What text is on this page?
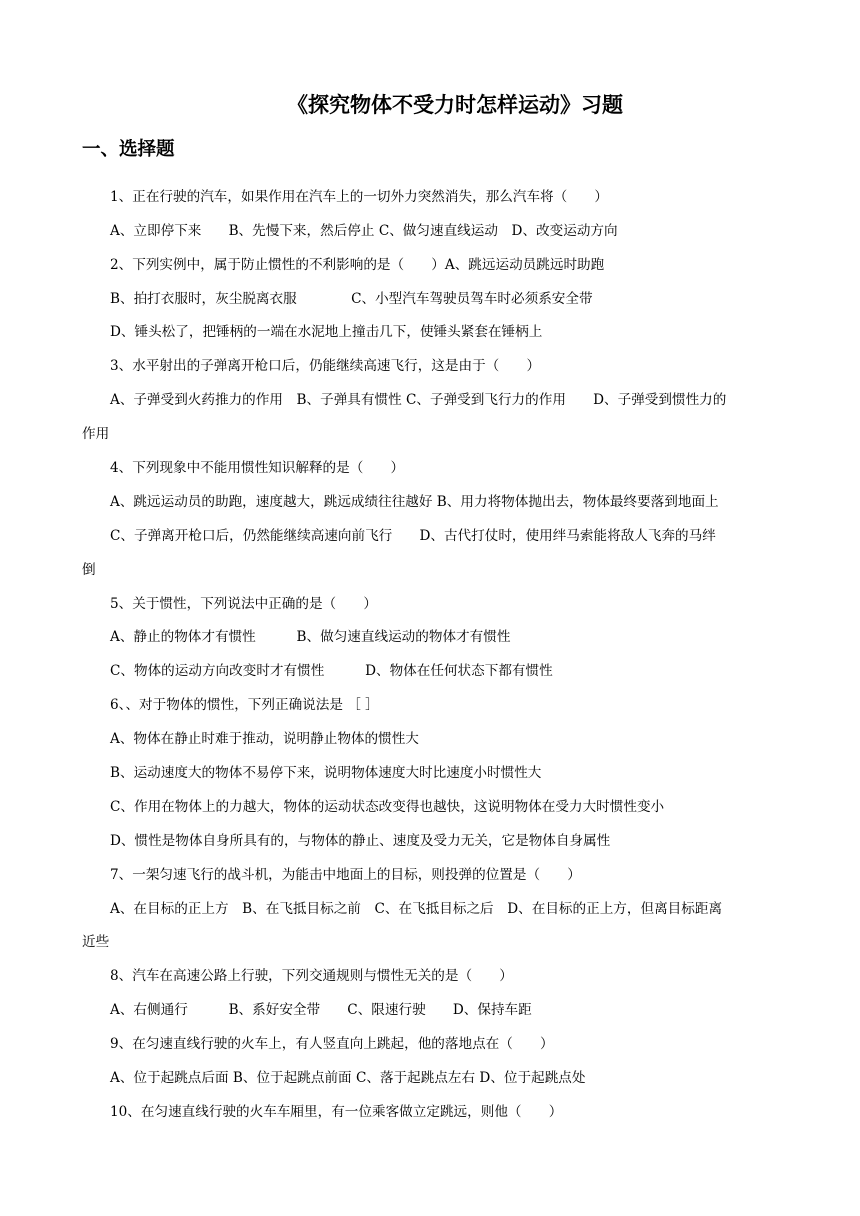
《探究物体不受力时怎样运动》习题
一、选择题
1、正在行驶的汽车，如果作用在汽车上的一切外力突然消失，那么汽车将（　　）
A、立即停下来　　B、先慢下来，然后停止 C、做匀速直线运动　D、改变运动方向
2、下列实例中，属于防止惯性的不利影响的是（　　）A、跳远运动员跳远时助跑
B、拍打衣服时，灰尘脱离衣服　　　　C、小型汽车驾驶员驾车时必须系安全带
D、锤头松了，把锤柄的一端在水泥地上撞击几下，使锤头紧套在锤柄上
3、水平射出的子弹离开枪口后，仍能继续高速飞行，这是由于（　　）
A、子弹受到火药推力的作用　B、子弹具有惯性 C、子弹受到飞行力的作用　　D、子弹受到惯性力的
作用
4、下列现象中不能用惯性知识解释的是（　　）
A、跳远运动员的助跑，速度越大，跳远成绩往往越好 B、用力将物体抛出去，物体最终要落到地面上
C、子弹离开枪口后，仍然能继续高速向前飞行　　D、古代打仗时，使用绊马索能将敌人飞奔的马绊
倒
5、关于惯性，下列说法中正确的是（　　）
A、静止的物体才有惯性　　　B、做匀速直线运动的物体才有惯性
C、物体的运动方向改变时才有惯性　　　D、物体在任何状态下都有惯性
6、、对于物体的惯性，下列正确说法是 ［ ］
A、物体在静止时难于推动，说明静止物体的惯性大
B、运动速度大的物体不易停下来，说明物体速度大时比速度小时惯性大
C、作用在物体上的力越大，物体的运动状态改变得也越快，这说明物体在受力大时惯性变小
D、惯性是物体自身所具有的，与物体的静止、速度及受力无关，它是物体自身属性
7、一架匀速飞行的战斗机，为能击中地面上的目标，则投弹的位置是（　　）
A、在目标的正上方　B、在飞抵目标之前　C、在飞抵目标之后　D、在目标的正上方，但离目标距离
近些
8、汽车在高速公路上行驶，下列交通规则与惯性无关的是（　　）
A、右侧通行　　　B、系好安全带　　C、限速行驶　　D、保持车距
9、在匀速直线行驶的火车上，有人竖直向上跳起，他的落地点在（　　）
A、位于起跳点后面 B、位于起跳点前面 C、落于起跳点左右 D、位于起跳点处
10、在匀速直线行驶的火车车厢里，有一位乘客做立定跳远，则他（　　）
